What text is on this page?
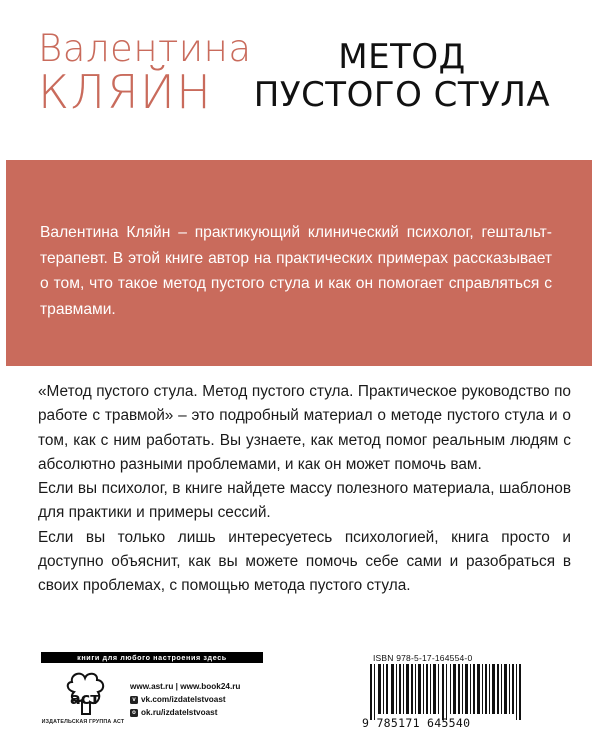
Валентина
КЛЯЙН
МЕТОД
ПУСТОГО СТУЛА
Валентина Кляйн – практикующий клинический психолог, гештальт-терапевт. В этой книге автор на практических примерах рассказывает о том, что такое метод пустого стула и как он помогает справляться с травмами.

«Метод пустого стула. Метод пустого стула. Практическое руководство по работе с травмой» – это подробный материал о методе пустого стула и о том, как с ним работать. Вы узнаете, как метод помог реальным людям с абсолютно разными проблемами, и как он может помочь вам.

Если вы психолог, в книге найдете массу полезного материала, шаблонов для практики и примеры сессий.

Если вы только лишь интересуетесь психологией, книга просто и доступно объяснит, как вы можете помочь себе сами и разобраться в своих проблемах, с помощью метода пустого стула.

книги для любого настроения здесь
аст
ИЗДАТЕЛЬСКАЯ ГРУППА АСТ
www.ast.ru | www.book24.ru
v vk.com/izdatelstvoast
o ok.ru/izdatelstvoast
ISBN 978-5-17-164554-0
9 785171 645540
